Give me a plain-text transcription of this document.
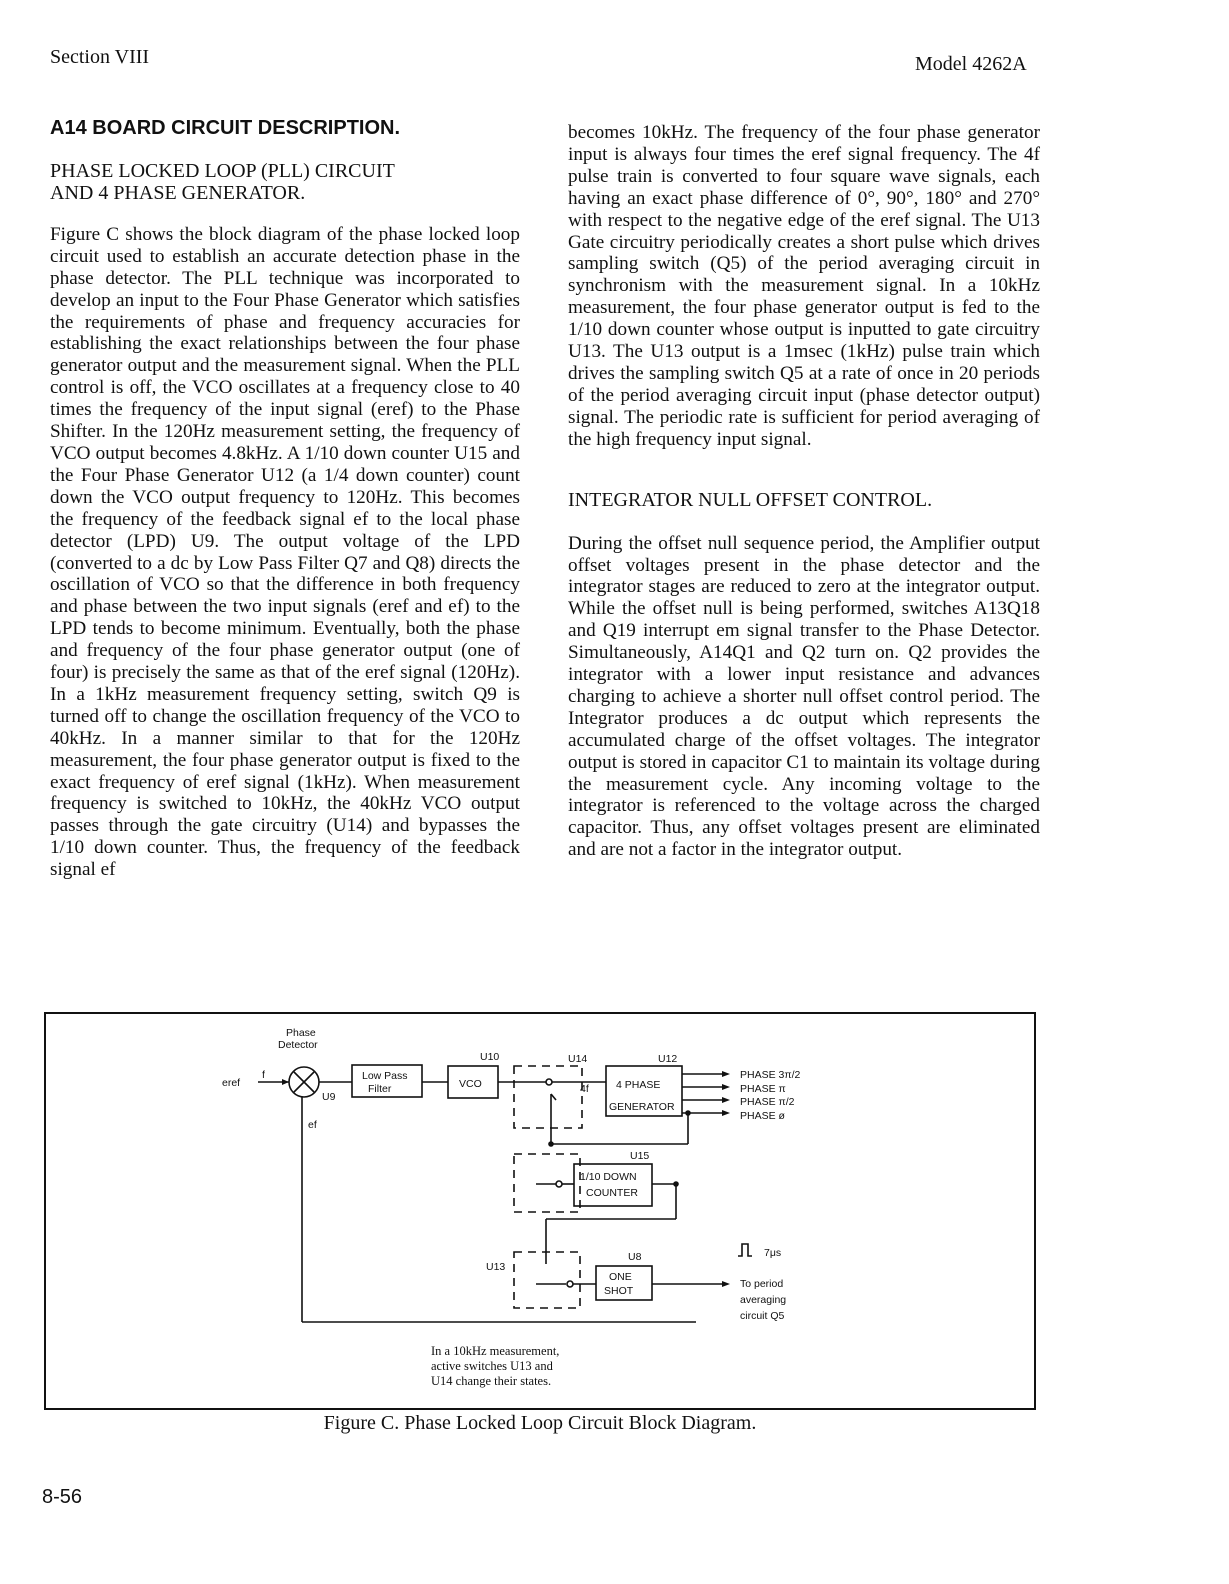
Section VIII	Model 4262A

A14 BOARD CIRCUIT DESCRIPTION.

PHASE LOCKED LOOP (PLL) CIRCUIT

AND 4 PHASE GENERATOR.

Figure C shows the block diagram of the phase locked loop circuit used to establish an accurate detection phase in the phase detector. The PLL technique was incorporated to develop an input to the Four Phase Generator which satisfies the requirements of phase and frequency accuracies for establishing the exact relationships between the four phase generator output and the measurement signal. When the PLL control is off, the VCO oscillates at a frequency close to 40 times the frequency of the input signal (eref) to the Phase Shifter. In the 120Hz measurement setting, the frequency of VCO output becomes 4.8kHz. A 1/10 down counter U15 and the Four Phase Generator U12 (a 1/4 down counter) count down the VCO output frequency to 120Hz. This becomes the frequency of the feedback signal ef to the local phase detector (LPD) U9. The output voltage of the LPD (converted to a dc by Low Pass Filter Q7 and Q8) directs the oscillation of VCO so that the difference in both frequency and phase between the two input signals (eref and ef) to the LPD tends to become minimum. Eventually, both the phase and frequency of the four phase generator output (one of four) is precisely the same as that of the eref signal (120Hz). In a 1kHz measurement frequency setting, switch Q9 is turned off to change the oscillation frequency of the VCO to 40kHz. In a manner similar to that for the 120Hz measurement, the four phase generator output is fixed to the exact frequency of eref signal (1kHz). When measurement frequency is switched to 10kHz, the 40kHz VCO output passes through the gate circuitry (U14) and bypasses the 1/10 down counter. Thus, the frequency of the feedback signal ef

becomes 10kHz. The frequency of the four phase generator input is always four times the eref signal frequency. The 4f pulse train is converted to four square wave signals, each having an exact phase difference of 0°, 90°, 180° and 270° with respect to the negative edge of the eref signal. The U13 Gate circuitry periodically creates a short pulse which drives sampling switch (Q5) of the period averaging circuit in synchronism with the measurement signal. In a 10kHz measurement, the four phase generator output is fed to the 1/10 down counter whose output is inputted to gate circuitry U13. The U13 output is a 1msec (1kHz) pulse train which drives the sampling switch Q5 at a rate of once in 20 periods of the period averaging circuit input (phase detector output) signal. The periodic rate is sufficient for period averaging of the high frequency input signal.

INTEGRATOR NULL OFFSET CONTROL.

During the offset null sequence period, the Amplifier output offset voltages present in the phase detector and the integrator stages are reduced to zero at the integrator output. While the offset null is being performed, switches A13Q18 and Q19 interrupt em signal transfer to the Phase Detector. Simultaneously, A14Q1 and Q2 turn on. Q2 provides the integrator with a lower input resistance and advances charging to achieve a shorter null offset control period. The Integrator produces a dc output which represents the accumulated charge of the offset voltages. The integrator output is stored in capacitor C1 to maintain its voltage during the measurement cycle. Any incoming voltage to the integrator is referenced to the voltage across the charged capacitor. Thus, any offset voltages present are eliminated and are not a factor in the integrator output.

Phase
Detector
eref
f
U9
ef
Low Pass
Filter
U10
VCO
U14
4f
U12
4 PHASE
GENERATOR
PHASE 3π/2
PHASE π
PHASE π/2
PHASE ø
U15
1/10 DOWN
COUNTER
U13
U8
ONE
SHOT
7μs
To period
averaging
circuit Q5
In a 10kHz measurement,
active switches U13 and
U14 change their states.
Figure C. Phase Locked Loop Circuit Block Diagram.
8-56
